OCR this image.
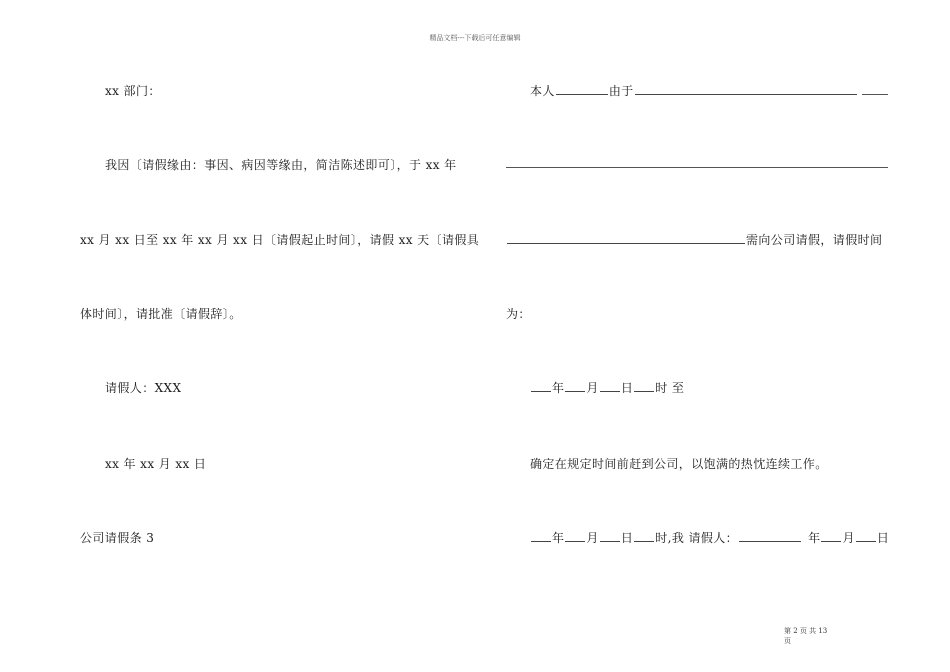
精品文档---下载后可任意编辑
xx 部门：
我因〔请假缘由：事因、病因等缘由，简洁陈述即可〕，于 xx 年
xx 月 xx 日至 xx 年 xx 月 xx 日〔请假起止时间〕，请假 xx 天〔请假具
体时间〕，请批准〔请假辞〕。
请假人：XXX
xx 年 xx 月 xx 日
公司请假条 3
本人	由于
需向公司请假，请假时间
为：
年 月 日 时 至
确定在规定时间前赶到公司，以饱满的热忱连续工作。
年 月 日 时,我 请假人：	年 月 日
第 2 页 共 13
页
